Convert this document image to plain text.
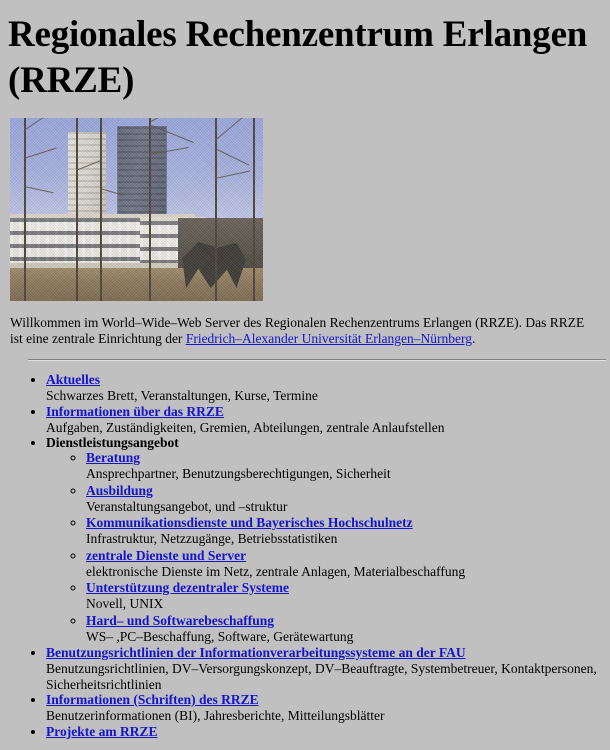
Regionales Rechenzentrum Erlangen (RRZE)

Willkommen im World–Wide–Web Server des Regionalen Rechenzentrums Erlangen (RRZE). Das RRZE ist eine zentrale Einrichtung der Friedrich–Alexander Universität Erlangen–Nürnberg.

• Aktuelles
Schwarzes Brett, Veranstaltungen, Kurse, Termine
• Informationen über das RRZE
Aufgaben, Zuständigkeiten, Gremien, Abteilungen, zentrale Anlaufstellen
• Dienstleistungsangebot
◦ Beratung
Ansprechpartner, Benutzungsberechtigungen, Sicherheit
◦ Ausbildung
Veranstaltungsangebot, und –struktur
◦ Kommunikationsdienste und Bayerisches Hochschulnetz
Infrastruktur, Netzzugänge, Betriebsstatistiken
◦ zentrale Dienste und Server
elektronische Dienste im Netz, zentrale Anlagen, Materialbeschaffung
◦ Unterstützung dezentraler Systeme
Novell, UNIX
◦ Hard– und Softwarebeschaffung
WS– ,PC–Beschaffung, Software, Gerätewartung
• Benutzungsrichtlinien der Informationverarbeitungssysteme an der FAU
Benutzungsrichtlinien, DV–Versorgungskonzept, DV–Beauftragte, Systembetreuer, Kontaktpersonen, Sicherheitsrichtlinien
• Informationen (Schriften) des RRZE
Benutzerinformationen (BI), Jahresberichte, Mitteilungsblätter
• Projekte am RRZE
